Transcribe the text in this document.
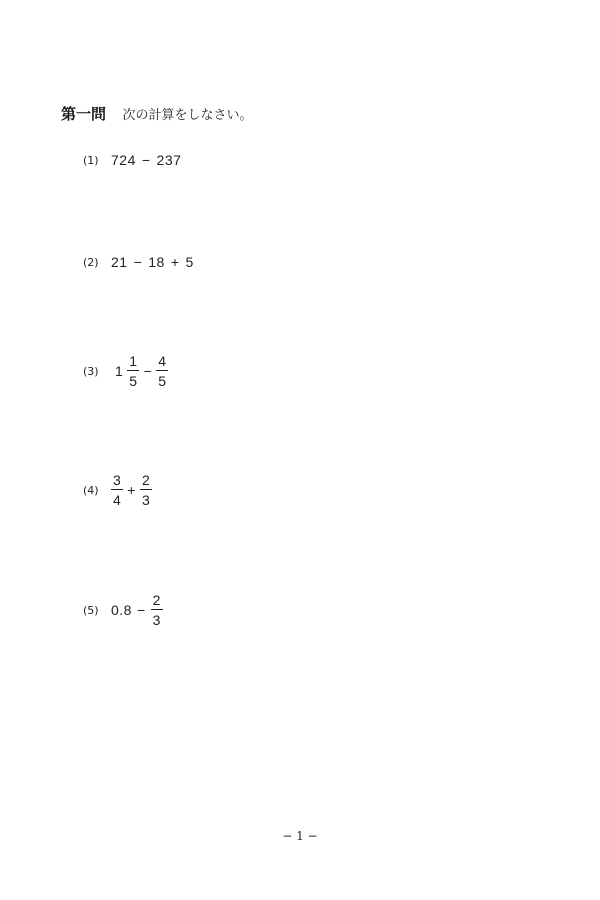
第一問 次の計算をしなさい。
(1) 724 − 237
(2) 21 − 18 + 5
(3)	$1 \frac{1}{5} - \frac{4}{5}$
$(4) \frac{3}{4} + \frac{2}{3}$
(5) $0.8 - \frac{2}{3}$
− 1 −
